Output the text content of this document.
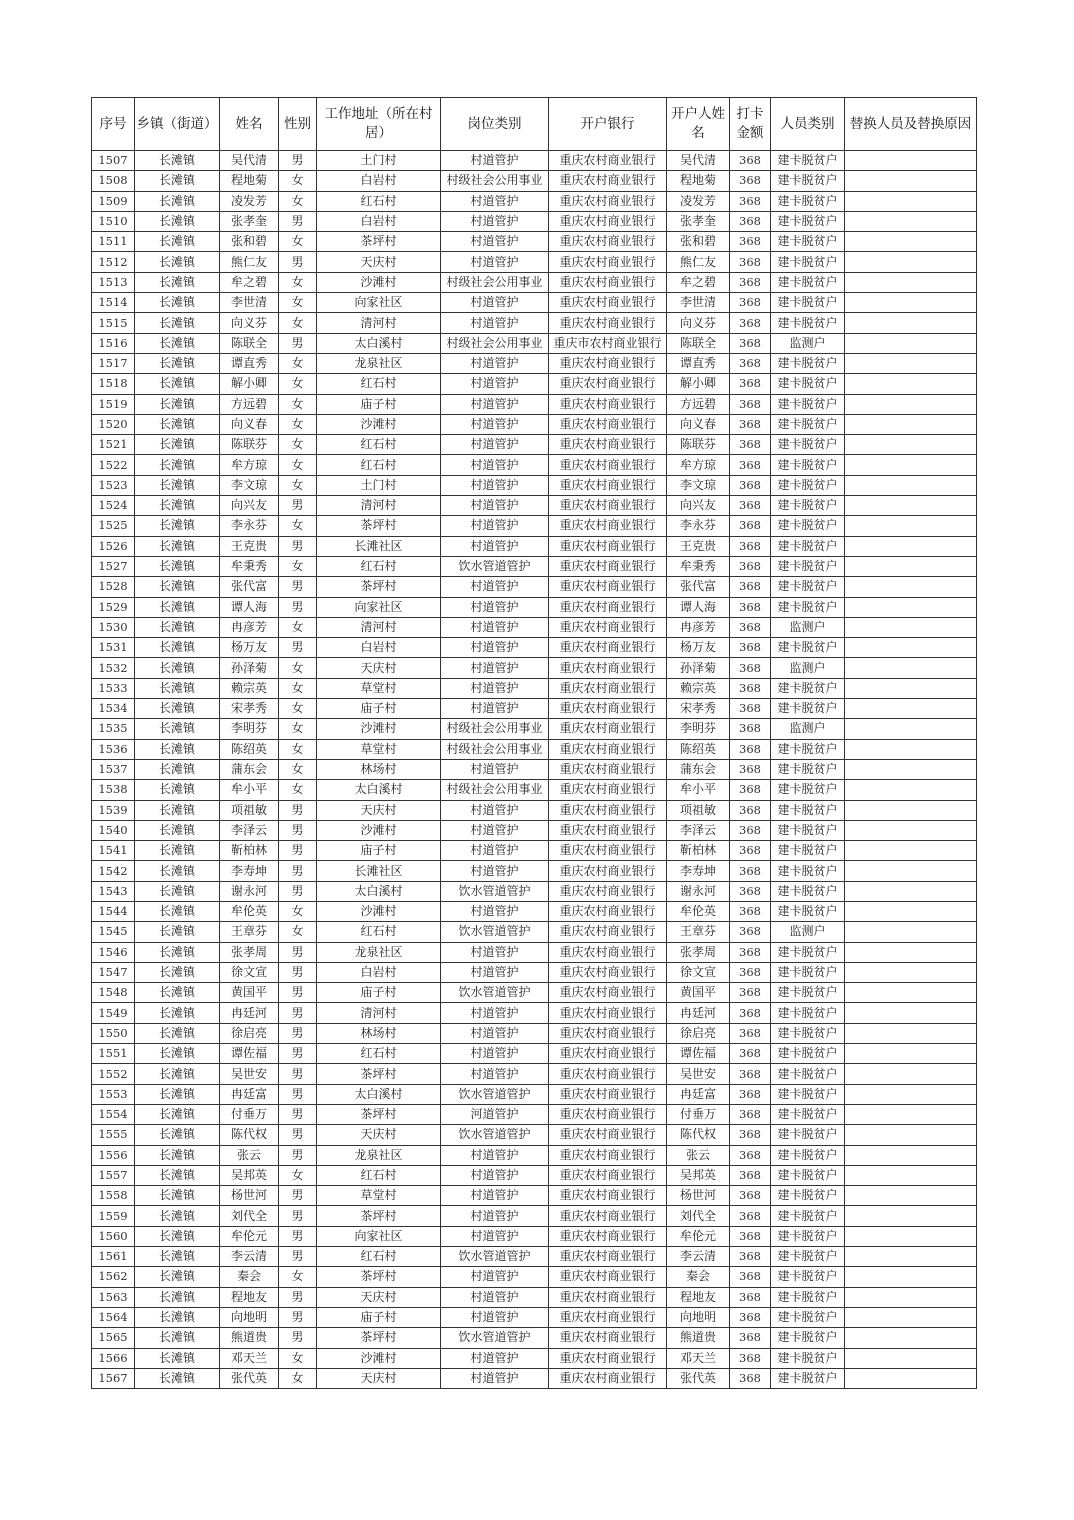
序号	乡镇（街道）	姓名	性别	工作地址（所在村居）	岗位类别	开户银行	开户人姓名	打卡金额	人员类别	替换人员及替换原因
1507	长滩镇	吴代清	男	土门村	村道管护	重庆农村商业银行	吴代清	368	建卡脱贫户	
1508	长滩镇	程地菊	女	白岩村	村级社会公用事业	重庆农村商业银行	程地菊	368	建卡脱贫户	
1509	长滩镇	凌发芳	女	红石村	村道管护	重庆农村商业银行	凌发芳	368	建卡脱贫户	
1510	长滩镇	张孝奎	男	白岩村	村道管护	重庆农村商业银行	张孝奎	368	建卡脱贫户	
1511	长滩镇	张和碧	女	茶坪村	村道管护	重庆农村商业银行	张和碧	368	建卡脱贫户	
1512	长滩镇	熊仁友	男	天庆村	村道管护	重庆农村商业银行	熊仁友	368	建卡脱贫户	
1513	长滩镇	牟之碧	女	沙滩村	村级社会公用事业	重庆农村商业银行	牟之碧	368	建卡脱贫户	
1514	长滩镇	李世清	女	向家社区	村道管护	重庆农村商业银行	李世清	368	建卡脱贫户	
1515	长滩镇	向义芬	女	清河村	村道管护	重庆农村商业银行	向义芬	368	建卡脱贫户	
1516	长滩镇	陈联全	男	太白溪村	村级社会公用事业	重庆市农村商业银行	陈联全	368	监测户	
1517	长滩镇	谭直秀	女	龙泉社区	村道管护	重庆农村商业银行	谭直秀	368	建卡脱贫户	
1518	长滩镇	解小卿	女	红石村	村道管护	重庆农村商业银行	解小卿	368	建卡脱贫户	
1519	长滩镇	方远碧	女	庙子村	村道管护	重庆农村商业银行	方远碧	368	建卡脱贫户	
1520	长滩镇	向义春	女	沙滩村	村道管护	重庆农村商业银行	向义春	368	建卡脱贫户	
1521	长滩镇	陈联芬	女	红石村	村道管护	重庆农村商业银行	陈联芬	368	建卡脱贫户	
1522	长滩镇	牟方琼	女	红石村	村道管护	重庆农村商业银行	牟方琼	368	建卡脱贫户	
1523	长滩镇	李文琼	女	土门村	村道管护	重庆农村商业银行	李文琼	368	建卡脱贫户	
1524	长滩镇	向兴友	男	清河村	村道管护	重庆农村商业银行	向兴友	368	建卡脱贫户	
1525	长滩镇	李永芬	女	茶坪村	村道管护	重庆农村商业银行	李永芬	368	建卡脱贫户	
1526	长滩镇	王克贵	男	长滩社区	村道管护	重庆农村商业银行	王克贵	368	建卡脱贫户	
1527	长滩镇	牟秉秀	女	红石村	饮水管道管护	重庆农村商业银行	牟秉秀	368	建卡脱贫户	
1528	长滩镇	张代富	男	茶坪村	村道管护	重庆农村商业银行	张代富	368	建卡脱贫户	
1529	长滩镇	谭人海	男	向家社区	村道管护	重庆农村商业银行	谭人海	368	建卡脱贫户	
1530	长滩镇	冉彦芳	女	清河村	村道管护	重庆农村商业银行	冉彦芳	368	监测户	
1531	长滩镇	杨万友	男	白岩村	村道管护	重庆农村商业银行	杨万友	368	建卡脱贫户	
1532	长滩镇	孙泽菊	女	天庆村	村道管护	重庆农村商业银行	孙泽菊	368	监测户	
1533	长滩镇	赖宗英	女	草堂村	村道管护	重庆农村商业银行	赖宗英	368	建卡脱贫户	
1534	长滩镇	宋孝秀	女	庙子村	村道管护	重庆农村商业银行	宋孝秀	368	建卡脱贫户	
1535	长滩镇	李明芬	女	沙滩村	村级社会公用事业	重庆农村商业银行	李明芬	368	监测户	
1536	长滩镇	陈绍英	女	草堂村	村级社会公用事业	重庆农村商业银行	陈绍英	368	建卡脱贫户	
1537	长滩镇	蒲东会	女	林场村	村道管护	重庆农村商业银行	蒲东会	368	建卡脱贫户	
1538	长滩镇	牟小平	女	太白溪村	村级社会公用事业	重庆农村商业银行	牟小平	368	建卡脱贫户	
1539	长滩镇	项祖敏	男	天庆村	村道管护	重庆农村商业银行	项祖敏	368	建卡脱贫户	
1540	长滩镇	李泽云	男	沙滩村	村道管护	重庆农村商业银行	李泽云	368	建卡脱贫户	
1541	长滩镇	靳柏林	男	庙子村	村道管护	重庆农村商业银行	靳柏林	368	建卡脱贫户	
1542	长滩镇	李寿坤	男	长滩社区	村道管护	重庆农村商业银行	李寿坤	368	建卡脱贫户	
1543	长滩镇	谢永河	男	太白溪村	饮水管道管护	重庆农村商业银行	谢永河	368	建卡脱贫户	
1544	长滩镇	牟伦英	女	沙滩村	村道管护	重庆农村商业银行	牟伦英	368	建卡脱贫户	
1545	长滩镇	王章芬	女	红石村	饮水管道管护	重庆农村商业银行	王章芬	368	监测户	
1546	长滩镇	张孝周	男	龙泉社区	村道管护	重庆农村商业银行	张孝周	368	建卡脱贫户	
1547	长滩镇	徐文宣	男	白岩村	村道管护	重庆农村商业银行	徐文宣	368	建卡脱贫户	
1548	长滩镇	黄国平	男	庙子村	饮水管道管护	重庆农村商业银行	黄国平	368	建卡脱贫户	
1549	长滩镇	冉廷河	男	清河村	村道管护	重庆农村商业银行	冉廷河	368	建卡脱贫户	
1550	长滩镇	徐启亮	男	林场村	村道管护	重庆农村商业银行	徐启亮	368	建卡脱贫户	
1551	长滩镇	谭佐福	男	红石村	村道管护	重庆农村商业银行	谭佐福	368	建卡脱贫户	
1552	长滩镇	吴世安	男	茶坪村	村道管护	重庆农村商业银行	吴世安	368	建卡脱贫户	
1553	长滩镇	冉廷富	男	太白溪村	饮水管道管护	重庆农村商业银行	冉廷富	368	建卡脱贫户	
1554	长滩镇	付垂万	男	茶坪村	河道管护	重庆农村商业银行	付垂万	368	建卡脱贫户	
1555	长滩镇	陈代权	男	天庆村	饮水管道管护	重庆农村商业银行	陈代权	368	建卡脱贫户	
1556	长滩镇	张云	男	龙泉社区	村道管护	重庆农村商业银行	张云	368	建卡脱贫户	
1557	长滩镇	吴邦英	女	红石村	村道管护	重庆农村商业银行	吴邦英	368	建卡脱贫户	
1558	长滩镇	杨世河	男	草堂村	村道管护	重庆农村商业银行	杨世河	368	建卡脱贫户	
1559	长滩镇	刘代全	男	茶坪村	村道管护	重庆农村商业银行	刘代全	368	建卡脱贫户	
1560	长滩镇	牟伦元	男	向家社区	村道管护	重庆农村商业银行	牟伦元	368	建卡脱贫户	
1561	长滩镇	李云清	男	红石村	饮水管道管护	重庆农村商业银行	李云清	368	建卡脱贫户	
1562	长滩镇	秦会	女	茶坪村	村道管护	重庆农村商业银行	秦会	368	建卡脱贫户	
1563	长滩镇	程地友	男	天庆村	村道管护	重庆农村商业银行	程地友	368	建卡脱贫户	
1564	长滩镇	向地明	男	庙子村	村道管护	重庆农村商业银行	向地明	368	建卡脱贫户	
1565	长滩镇	熊道贵	男	茶坪村	饮水管道管护	重庆农村商业银行	熊道贵	368	建卡脱贫户	
1566	长滩镇	邓天兰	女	沙滩村	村道管护	重庆农村商业银行	邓天兰	368	建卡脱贫户	
1567	长滩镇	张代英	女	天庆村	村道管护	重庆农村商业银行	张代英	368	建卡脱贫户	
